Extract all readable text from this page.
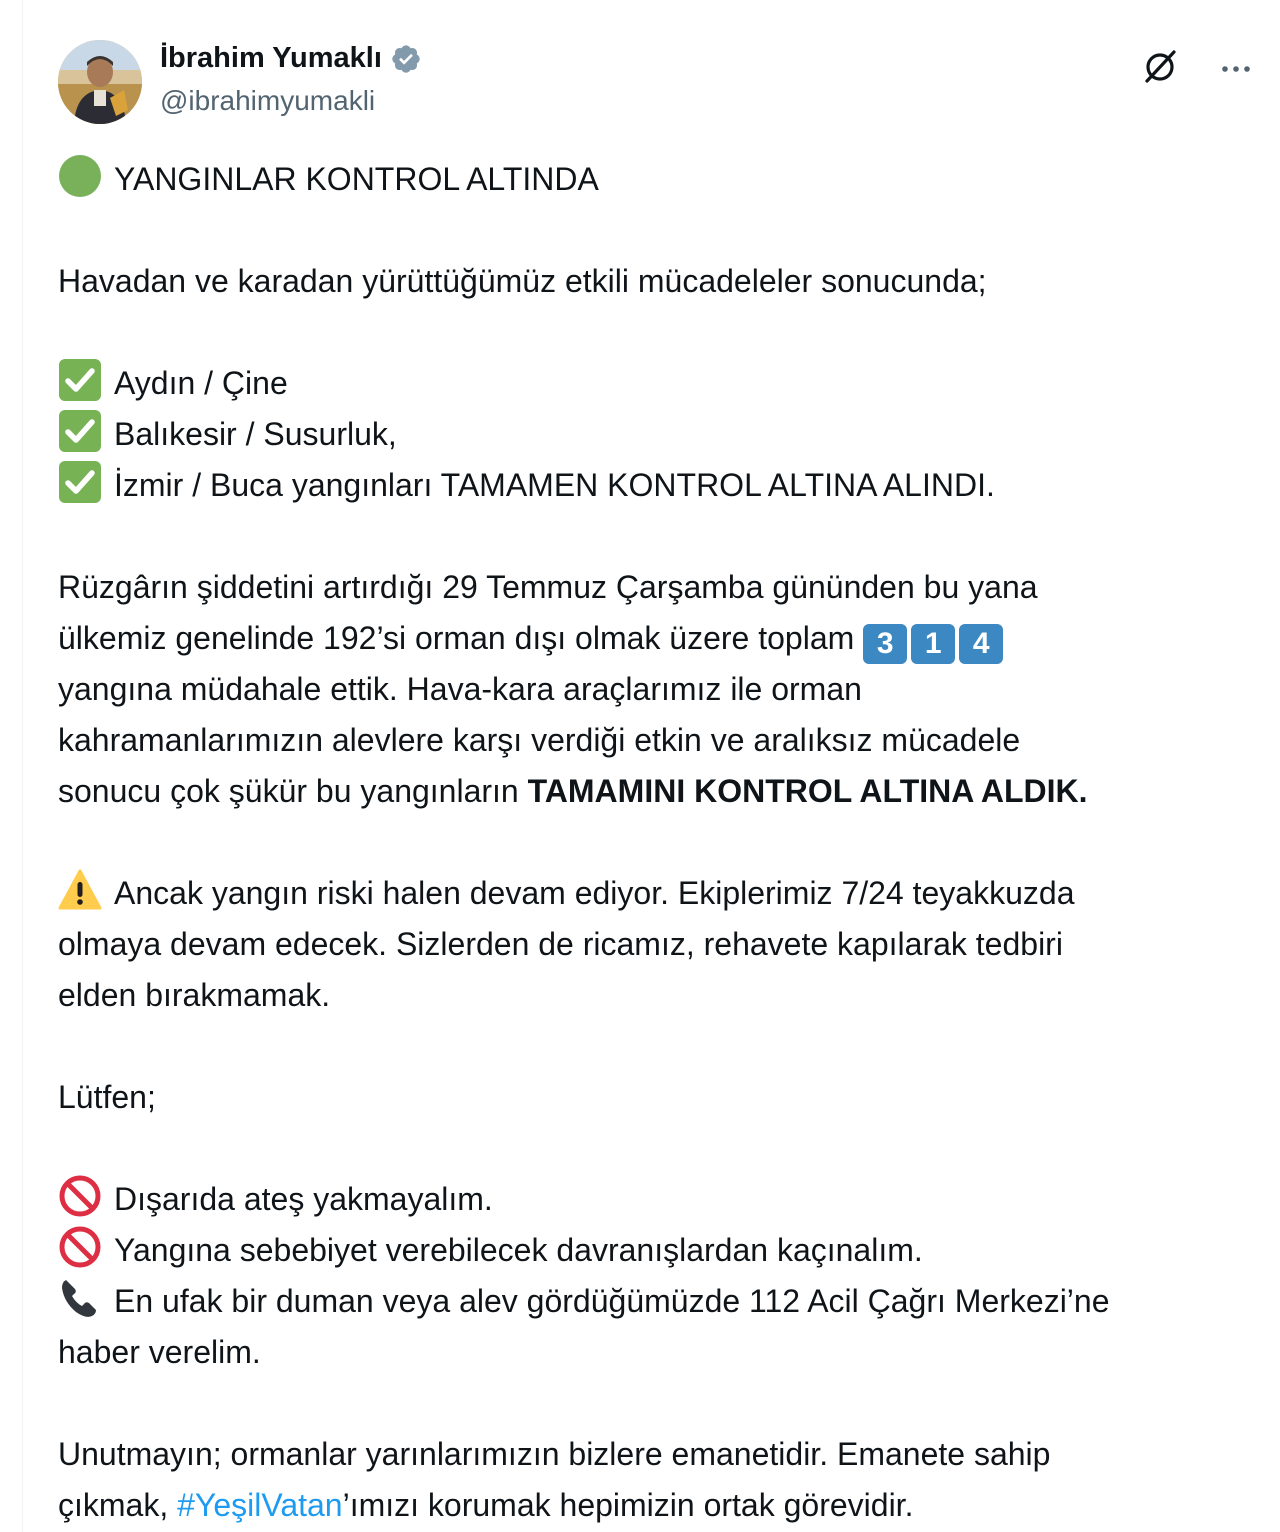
İbrahim Yumaklı
@ibrahimyumakli
YANGINLAR KONTROL ALTINDA
Havadan ve karadan yürüttüğümüz etkili mücadeleler sonucunda;
Aydın / Çine
Balıkesir / Susurluk,
İzmir / Buca yangınları TAMAMEN KONTROL ALTINA ALINDI.
Rüzgârın şiddetini artırdığı 29 Temmuz Çarşamba gününden bu yana
ülkemiz genelinde 192’si orman dışı olmak üzere toplam 3 1 4
yangına müdahale ettik. Hava-kara araçlarımız ile orman
kahramanlarımızın alevlere karşı verdiği etkin ve aralıksız mücadele
sonucu çok şükür bu yangınların TAMAMINI KONTROL ALTINA ALDIK.
Ancak yangın riski halen devam ediyor. Ekiplerimiz 7/24 teyakkuzda
olmaya devam edecek. Sizlerden de ricamız, rehavete kapılarak tedbiri
elden bırakmamak.
Lütfen;
Dışarıda ateş yakmayalım.
Yangına sebebiyet verebilecek davranışlardan kaçınalım.
En ufak bir duman veya alev gördüğümüzde 112 Acil Çağrı Merkezi’ne
haber verelim.
Unutmayın; ormanlar yarınlarımızın bizlere emanetidir. Emanete sahip
çıkmak, #YeşilVatan’ımızı korumak hepimizin ortak görevidir.
